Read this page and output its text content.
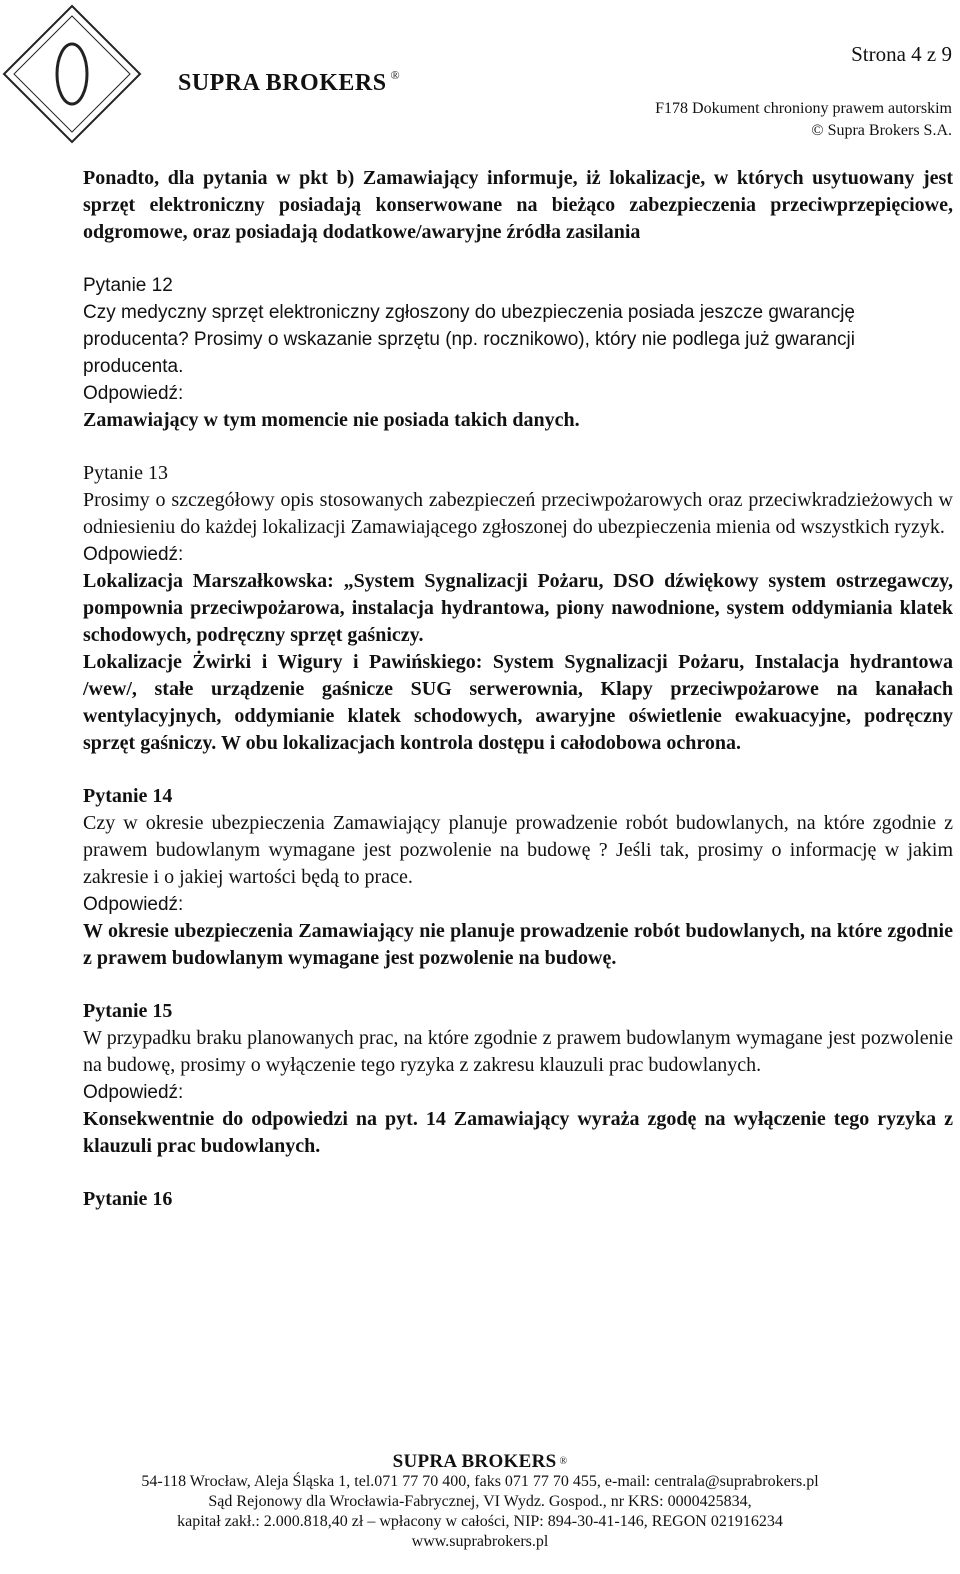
SUPRA BROKERS ®
Strona 4 z 9
F178 Dokument chroniony prawem autorskim
© Supra Brokers S.A.

Ponadto, dla pytania w pkt b) Zamawiający informuje, iż lokalizacje, w których usytuowany jest sprzęt elektroniczny posiadają konserwowane na bieżąco zabezpieczenia przeciwprzepięciowe, odgromowe, oraz posiadają dodatkowe/awaryjne źródła zasilania

Pytanie 12

Czy medyczny sprzęt elektroniczny zgłoszony do ubezpieczenia posiada jeszcze gwarancję producenta? Prosimy o wskazanie sprzętu (np. rocznikowo), który nie podlega już gwarancji producenta.

Odpowiedź:

Zamawiający w tym momencie nie posiada takich danych.

Pytanie 13

Prosimy o szczegółowy opis stosowanych zabezpieczeń przeciwpożarowych oraz przeciwkradzieżowych w odniesieniu do każdej lokalizacji Zamawiającego zgłoszonej do ubezpieczenia mienia od wszystkich ryzyk.

Odpowiedź:

Lokalizacja Marszałkowska: „System Sygnalizacji Pożaru, DSO dźwiękowy system ostrzegawczy, pompownia przeciwpożarowa, instalacja hydrantowa, piony nawodnione, system oddymiania klatek schodowych, podręczny sprzęt gaśniczy.

Lokalizacje Żwirki i Wigury i Pawińskiego: System Sygnalizacji Pożaru, Instalacja hydrantowa /wew/, stałe urządzenie gaśnicze SUG serwerownia, Klapy przeciwpożarowe na kanałach wentylacyjnych, oddymianie klatek schodowych, awaryjne oświetlenie ewakuacyjne, podręczny sprzęt gaśniczy. W obu lokalizacjach kontrola dostępu i całodobowa ochrona.

Pytanie 14

Czy w okresie ubezpieczenia Zamawiający planuje prowadzenie robót budowlanych, na które zgodnie z prawem budowlanym wymagane jest pozwolenie na budowę ? Jeśli tak, prosimy o informację w jakim zakresie i o jakiej wartości będą to prace.

Odpowiedź:

W okresie ubezpieczenia Zamawiający nie planuje prowadzenie robót budowlanych, na które zgodnie z prawem budowlanym wymagane jest pozwolenie na budowę.

Pytanie 15

W przypadku braku planowanych prac, na które zgodnie z prawem budowlanym wymagane jest pozwolenie na budowę, prosimy o wyłączenie tego ryzyka z zakresu klauzuli prac budowlanych.

Odpowiedź:

Konsekwentnie do odpowiedzi na pyt. 14 Zamawiający wyraża zgodę na wyłączenie tego ryzyka z klauzuli prac budowlanych.

Pytanie 16

SUPRA BROKERS ®
54-118 Wrocław, Aleja Śląska 1, tel.071 77 70 400, faks 071 77 70 455, e-mail: centrala@suprabrokers.pl
Sąd Rejonowy dla Wrocławia-Fabrycznej, VI Wydz. Gospod., nr KRS: 0000425834,
kapitał zakł.: 2.000.818,40 zł – wpłacony w całości, NIP: 894-30-41-146, REGON 021916234
www.suprabrokers.pl
